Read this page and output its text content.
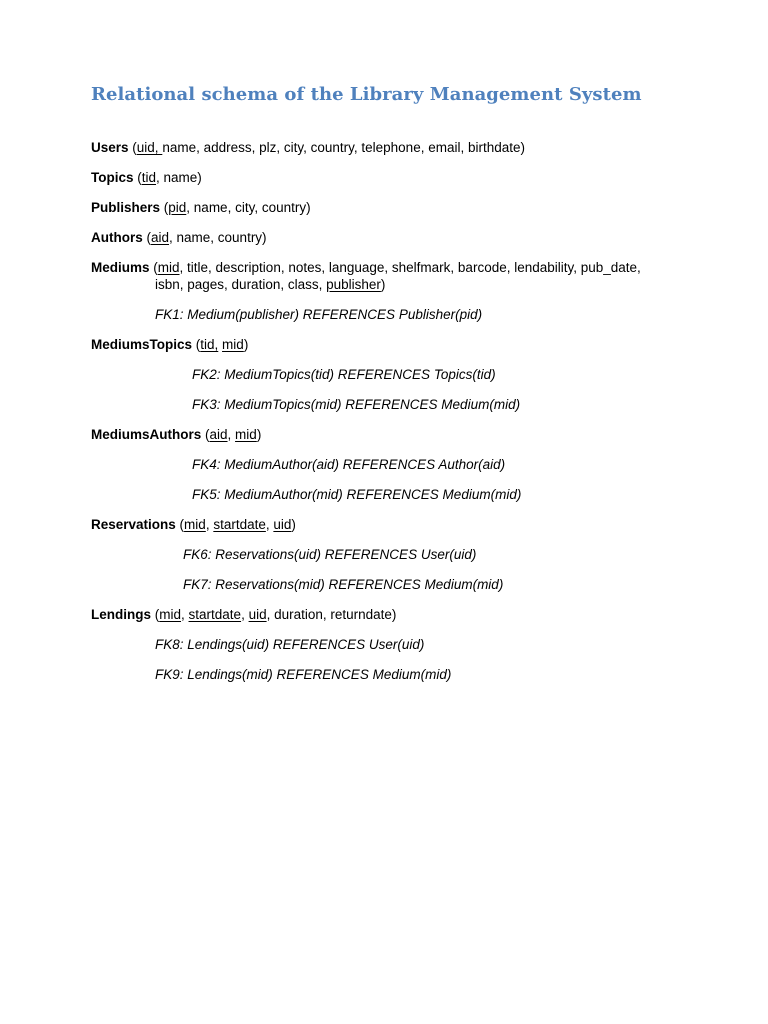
Relational schema of the Library Management System
Users (uid, name, address, plz, city, country, telephone, email, birthdate)
Topics (tid, name)
Publishers (pid, name, city, country)
Authors (aid, name, country)
Mediums (mid, title, description, notes, language, shelfmark, barcode, lendability, pub_date,
isbn, pages, duration, class, publisher)
FK1: Medium(publisher) REFERENCES Publisher(pid)
MediumsTopics (tid, mid)
FK2: MediumTopics(tid) REFERENCES Topics(tid)
FK3: MediumTopics(mid) REFERENCES Medium(mid)
MediumsAuthors (aid, mid)
FK4: MediumAuthor(aid) REFERENCES Author(aid)
FK5: MediumAuthor(mid) REFERENCES Medium(mid)
Reservations (mid, startdate, uid)
FK6: Reservations(uid) REFERENCES User(uid)
FK7: Reservations(mid) REFERENCES Medium(mid)
Lendings (mid, startdate, uid, duration, returndate)
FK8: Lendings(uid) REFERENCES User(uid)
FK9: Lendings(mid) REFERENCES Medium(mid)
